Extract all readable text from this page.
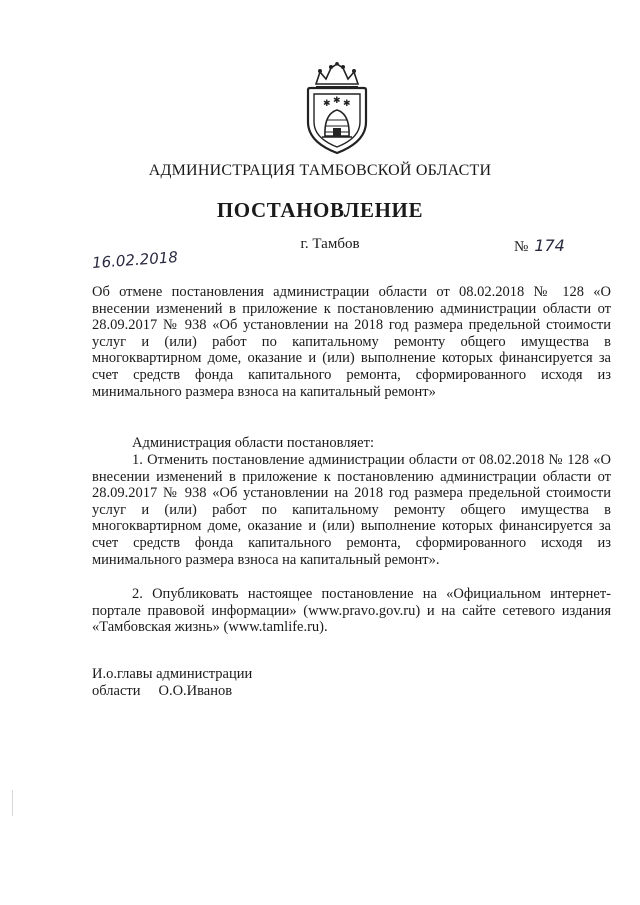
✱ ✱ ✱
АДМИНИСТРАЦИЯ ТАМБОВСКОЙ ОБЛАСТИ
ПОСТАНОВЛЕНИЕ
16.02.2018
г. Тамбов	№ 174
Об отмене постановления администрации области от 08.02.2018 № 128 «О внесении изменений в приложение к постановлению администрации области от 28.09.2017 № 938 «Об установлении на 2018 год размера предельной стоимости услуг и (или) работ по капитальному ремонту общего имущества в многоквартирном доме, оказание и (или) выполнение которых финансируется за счет средств фонда капитального ремонта, сформированного исходя из минимального размера взноса на капитальный ремонт»
Администрация области постановляет:
1. Отменить постановление администрации области от 08.02.2018 № 128 «О внесении изменений в приложение к постановлению администрации области от 28.09.2017 № 938 «Об установлении на 2018 год размера предельной стоимости услуг и (или) работ по капитальному ремонту общего имущества в многоквартирном доме, оказание и (или) выполнение которых финансируется за счет средств фонда капитального ремонта, сформированного исходя из минимального размера взноса на капитальный ремонт».
2. Опубликовать настоящее постановление на «Официальном интернет-портале правовой информации» (www.pravo.gov.ru) и на сайте сетевого издания «Тамбовская жизнь» (www.tamlife.ru).
И.о.главы администрации
области О.О.Иванов
